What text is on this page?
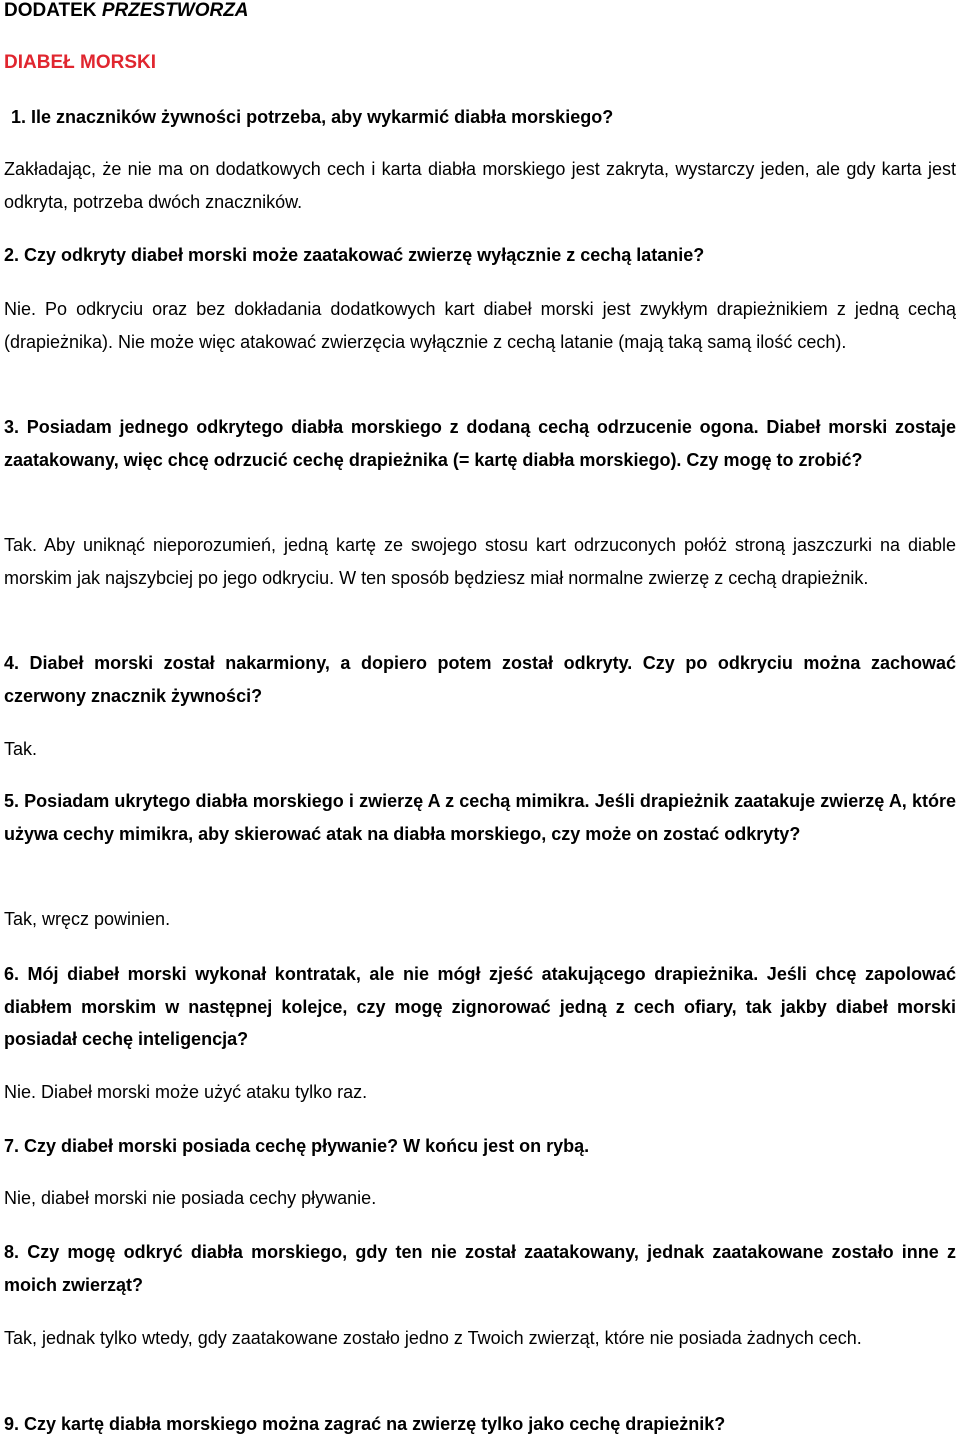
DODATEK PRZESTWORZA
DIABEŁ MORSKI

1. Ile znaczników żywności potrzeba, aby wykarmić diabła morskiego?

Zakładając, że nie ma on dodatkowych cech i karta diabła morskiego jest zakryta, wystarczy jeden, ale gdy karta jest odkryta, potrzeba dwóch znaczników.

2. Czy odkryty diabeł morski może zaatakować zwierzę wyłącznie z cechą latanie?

Nie. Po odkryciu oraz bez dokładania dodatkowych kart diabeł morski jest zwykłym drapieżnikiem z jedną cechą (drapieżnika). Nie może więc atakować zwierzęcia wyłącznie z cechą latanie (mają taką samą ilość cech).

3. Posiadam jednego odkrytego diabła morskiego z dodaną cechą odrzucenie ogona. Diabeł morski zostaje zaatakowany, więc chcę odrzucić cechę drapieżnika (= kartę diabła morskiego). Czy mogę to zrobić?

Tak. Aby uniknąć nieporozumień, jedną kartę ze swojego stosu kart odrzuconych połóż stroną jaszczurki na diable morskim jak najszybciej po jego odkryciu. W ten sposób będziesz miał normalne zwierzę z cechą drapieżnik.

4. Diabeł morski został nakarmiony, a dopiero potem został odkryty. Czy po odkryciu można zachować czerwony znacznik żywności?

Tak.

5. Posiadam ukrytego diabła morskiego i zwierzę A z cechą mimikra. Jeśli drapieżnik zaatakuje zwierzę A, które używa cechy mimikra, aby skierować atak na diabła morskiego, czy może on zostać odkryty?

Tak, wręcz powinien.

6. Mój diabeł morski wykonał kontratak, ale nie mógł zjeść atakującego drapieżnika. Jeśli chcę zapolować diabłem morskim w następnej kolejce, czy mogę zignorować jedną z cech ofiary, tak jakby diabeł morski posiadał cechę inteligencja?

Nie. Diabeł morski może użyć ataku tylko raz.

7. Czy diabeł morski posiada cechę pływanie? W końcu jest on rybą.

Nie, diabeł morski nie posiada cechy pływanie.

8. Czy mogę odkryć diabła morskiego, gdy ten nie został zaatakowany, jednak zaatakowane zostało inne z moich zwierząt?

Tak, jednak tylko wtedy, gdy zaatakowane zostało jedno z Twoich zwierząt, które nie posiada żadnych cech.

9. Czy kartę diabła morskiego można zagrać na zwierzę tylko jako cechę drapieżnik?
